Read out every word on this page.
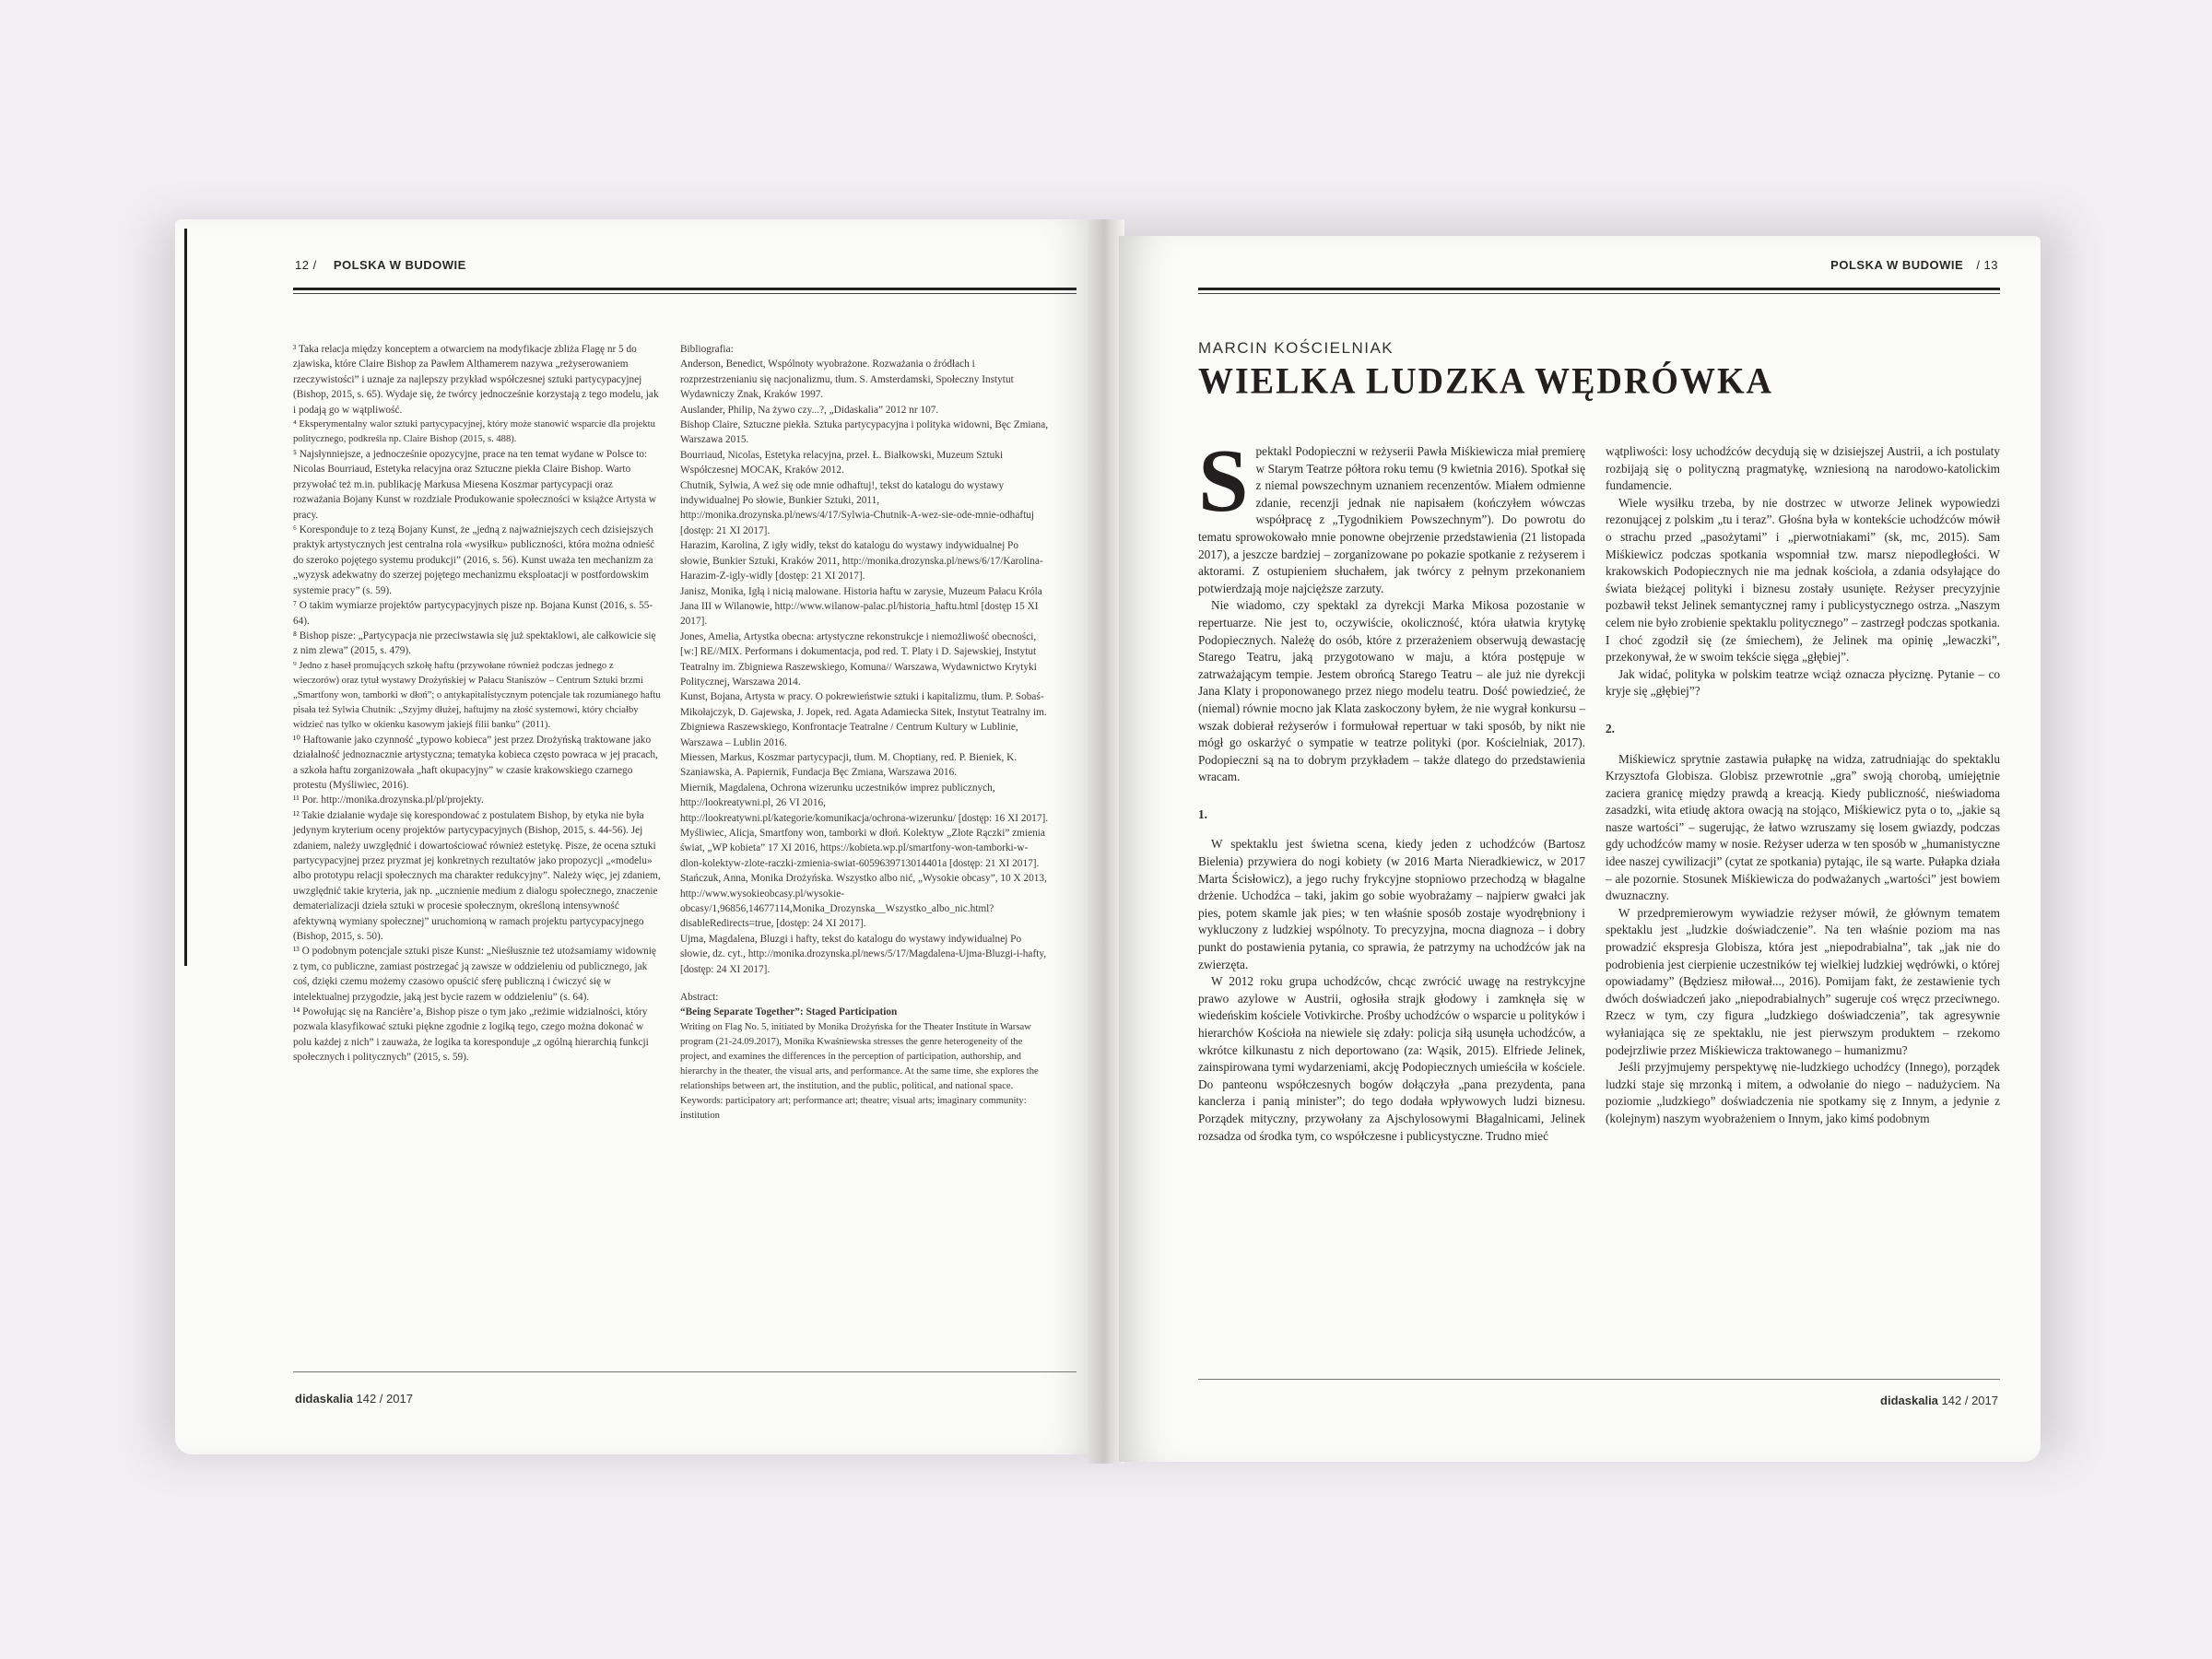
12 / POLSKA W BUDOWIE

³ Taka relacja między konceptem a otwarciem na modyfikacje zbliża Flagę nr 5 do zjawiska, które Claire Bishop za Pawłem Althamerem nazywa „reżyserowaniem rzeczywistości” i uznaje za najlepszy przykład współczesnej sztuki partycypacyjnej (Bishop, 2015, s. 65). Wydaje się, że twórcy jednocześnie korzystają z tego modelu, jak i podają go w wątpliwość.

⁴ Eksperymentalny walor sztuki partycypacyjnej, który może stanowić wsparcie dla projektu politycznego, podkreśla np. Claire Bishop (2015, s. 488).

⁵ Najsłynniejsze, a jednocześnie opozycyjne, prace na ten temat wydane w Polsce to: Nicolas Bourriaud, Estetyka relacyjna oraz Sztuczne piekła Claire Bishop. Warto przywołać też m.in. publikację Markusa Miesena Koszmar partycypacji oraz rozważania Bojany Kunst w rozdziale Produkowanie społeczności w książce Artysta w pracy.

⁶ Koresponduje to z tezą Bojany Kunst, że „jedną z najważniejszych cech dzisiejszych praktyk artystycznych jest centralna rola «wysiłku» publiczności, która można odnieść do szeroko pojętego systemu produkcji” (2016, s. 56). Kunst uważa ten mechanizm za „wyzysk adekwatny do szerzej pojętego mechanizmu eksploatacji w postfordowskim systemie pracy” (s. 59).

⁷ O takim wymiarze projektów partycypacyjnych pisze np. Bojana Kunst (2016, s. 55-64).

⁸ Bishop pisze: „Partycypacja nie przeciwstawia się już spektaklowi, ale całkowicie się z nim zlewa” (2015, s. 479).

⁹ Jedno z haseł promujących szkołę haftu (przywołane również podczas jednego z wieczorów) oraz tytuł wystawy Drożyńskiej w Pałacu Staniszów – Centrum Sztuki brzmi „Smartfony won, tamborki w dłoń”; o antykapitalistycznym potencjale tak rozumianego haftu pisała też Sylwia Chutnik: „Szyjmy dłużej, haftujmy na złość systemowi, który chciałby widzieć nas tylko w okienku kasowym jakiejś filii banku” (2011).

¹⁰ Haftowanie jako czynność „typowo kobieca” jest przez Drożyńską traktowane jako działalność jednoznacznie artystyczna; tematyka kobieca często powraca w jej pracach, a szkoła haftu zorganizowała „haft okupacyjny” w czasie krakowskiego czarnego protestu (Myśliwiec, 2016).

¹¹ Por. http://monika.drozynska.pl/pl/projekty.

¹² Takie działanie wydaje się korespondować z postulatem Bishop, by etyka nie była jedynym kryterium oceny projektów partycypacyjnych (Bishop, 2015, s. 44-56). Jej zdaniem, należy uwzględnić i dowartościować również estetykę. Pisze, że ocena sztuki partycypacyjnej przez pryzmat jej konkretnych rezultatów jako propozycji „«modelu» albo prototypu relacji społecznych ma charakter redukcyjny”. Należy więc, jej zdaniem, uwzględnić takie kryteria, jak np. „ucznienie medium z dialogu społecznego, znaczenie dematerializacji dzieła sztuki w procesie społecznym, określoną intensywność afektywną wymiany społecznej” uruchomioną w ramach projektu partycypacyjnego (Bishop, 2015, s. 50).

¹³ O podobnym potencjale sztuki pisze Kunst: „Nieśłusznie też utożsamiamy widownię z tym, co publiczne, zamiast postrzegać ją zawsze w oddzieleniu od publicznego, jak coś, dzięki czemu możemy czasowo opuścić sferę publiczną i ćwiczyć się w intelektualnej przygodzie, jaką jest bycie razem w oddzieleniu” (s. 64).

¹⁴ Powołując się na Rancière’a, Bishop pisze o tym jako „reżimie widzialności, który pozwala klasyfikować sztuki piękne zgodnie z logiką tego, czego można dokonać w polu każdej z nich” i zauważa, że logika ta koresponduje „z ogólną hierarchią funkcji społecznych i politycznych” (2015, s. 59).

Bibliografia:

Anderson, Benedict, Wspólnoty wyobrażone. Rozważania o źródłach i rozprzestrzenianiu się nacjonalizmu, tłum. S. Amsterdamski, Społeczny Instytut Wydawniczy Znak, Kraków 1997.

Auslander, Philip, Na żywo czy...?, „Didaskalia” 2012 nr 107.

Bishop Claire, Sztuczne piekła. Sztuka partycypacyjna i polityka widowni, Bęc Zmiana, Warszawa 2015.

Bourriaud, Nicolas, Estetyka relacyjna, przeł. Ł. Białkowski, Muzeum Sztuki Współczesnej MOCAK, Kraków 2012.

Chutnik, Sylwia, A weź się ode mnie odhaftuj!, tekst do katalogu do wystawy indywidualnej Po słowie, Bunkier Sztuki, 2011, http://monika.drozynska.pl/news/4/17/Sylwia-Chutnik-A-wez-sie-ode-mnie-odhaftuj [dostęp: 21 XI 2017].

Harazim, Karolina, Z igły widły, tekst do katalogu do wystawy indywidualnej Po słowie, Bunkier Sztuki, Kraków 2011, http://monika.drozynska.pl/news/6/17/Karolina-Harazim-Z-igly-widly [dostęp: 21 XI 2017].

Janisz, Monika, Igłą i nicią malowane. Historia haftu w zarysie, Muzeum Pałacu Króla Jana III w Wilanowie, http://www.wilanow-palac.pl/historia_haftu.html [dostęp 15 XI 2017].

Jones, Amelia, Artystka obecna: artystyczne rekonstrukcje i niemożliwość obecności, [w:] RE//MIX. Performans i dokumentacja, pod red. T. Platy i D. Sajewskiej, Instytut Teatralny im. Zbigniewa Raszewskiego, Komuna// Warszawa, Wydawnictwo Krytyki Politycznej, Warszawa 2014.

Kunst, Bojana, Artysta w pracy. O pokrewieństwie sztuki i kapitalizmu, tłum. P. Sobaś-Mikołajczyk, D. Gajewska, J. Jopek, red. Agata Adamiecka Sitek, Instytut Teatralny im. Zbigniewa Raszewskiego, Konfrontacje Teatralne / Centrum Kultury w Lublinie, Warszawa – Lublin 2016.

Miessen, Markus, Koszmar partycypacji, tłum. M. Choptiany, red. P. Bieniek, K. Szaniawska, A. Papiernik, Fundacja Bęc Zmiana, Warszawa 2016.

Miernik, Magdalena, Ochrona wizerunku uczestników imprez publicznych, http://lookreatywni.pl, 26 VI 2016, http://lookreatywni.pl/kategorie/komunikacja/ochrona-wizerunku/ [dostęp: 16 XI 2017].

Myśliwiec, Alicja, Smartfony won, tamborki w dłoń. Kolektyw „Złote Rączki” zmienia świat, „WP kobieta” 17 XI 2016, https://kobieta.wp.pl/smartfony-won-tamborki-w-dlon-kolektyw-zlote-raczki-zmienia-swiat-6059639713014401a [dostęp: 21 XI 2017].

Stańczuk, Anna, Monika Drożyńska. Wszystko albo nić, „Wysokie obcasy”, 10 X 2013, http://www.wysokieobcasy.pl/wysokie-obcasy/1,96856,14677114,Monika_Drozynska__Wszystko_albo_nic.html?disableRedirects=true, [dostęp: 24 XI 2017].

Ujma, Magdalena, Bluzgi i hafty, tekst do katalogu do wystawy indywidualnej Po słowie, dz. cyt., http://monika.drozynska.pl/news/5/17/Magdalena-Ujma-Bluzgi-i-hafty, [dostęp: 24 XI 2017].

Abstract:

“Being Separate Together”: Staged Participation

Writing on Flag No. 5, initiated by Monika Drożyńska for the Theater Institute in Warsaw program (21-24.09.2017), Monika Kwaśniewska stresses the genre heterogeneity of the project, and examines the differences in the perception of participation, authorship, and hierarchy in the theater, the visual arts, and performance. At the same time, she explores the relationships between art, the institution, and the public, political, and national space.

Keywords: participatory art; performance art; theatre; visual arts; imaginary community: institution

didaskalia 142 / 2017
POLSKA W BUDOWIE / 13
MARCIN KOŚCIELNIAK
WIELKA LUDZKA WĘDRÓWKA

Spektakl Podopieczni w reżyserii Pawła Miśkiewicza miał premierę w Starym Teatrze półtora roku temu (9 kwietnia 2016). Spotkał się z niemal powszechnym uznaniem recenzentów. Miałem odmienne zdanie, recenzji jednak nie napisałem (kończyłem wówczas współpracę z „Tygodnikiem Powszechnym”). Do powrotu do tematu sprowokowało mnie ponowne obejrzenie przedstawienia (21 listopada 2017), a jeszcze bardziej – zorganizowane po pokazie spotkanie z reżyserem i aktorami. Z ostupieniem słuchałem, jak twórcy z pełnym przekonaniem potwierdzają moje najcięższe zarzuty.

Nie wiadomo, czy spektakl za dyrekcji Marka Mikosa pozostanie w repertuarze. Nie jest to, oczywiście, okoliczność, która ułatwia krytykę Podopiecznych. Należę do osób, które z przerażeniem obserwują dewastację Starego Teatru, jaką przygotowano w maju, a która postępuje w zatrważającym tempie. Jestem obrońcą Starego Teatru – ale już nie dyrekcji Jana Klaty i proponowanego przez niego modelu teatru. Dość powiedzieć, że (niemal) równie mocno jak Klata zaskoczony byłem, że nie wygrał konkursu – wszak dobierał reżyserów i formułował repertuar w taki sposób, by nikt nie mógł go oskarżyć o sympatie w teatrze polityki (por. Kościelniak, 2017). Podopieczni są na to dobrym przykładem – także dlatego do przedstawienia wracam.

1.

W spektaklu jest świetna scena, kiedy jeden z uchodźców (Bartosz Bielenia) przywiera do nogi kobiety (w 2016 Marta Nieradkiewicz, w 2017 Marta Ścisłowicz), a jego ruchy frykcyjne stopniowo przechodzą w błagalne drżenie. Uchodźca – taki, jakim go sobie wyobrażamy – najpierw gwałci jak pies, potem skamle jak pies; w ten właśnie sposób zostaje wyodrębniony i wykluczony z ludzkiej wspólnoty. To precyzyjna, mocna diagnoza – i dobry punkt do postawienia pytania, co sprawia, że patrzymy na uchodźców jak na zwierzęta.

W 2012 roku grupa uchodźców, chcąc zwrócić uwagę na restrykcyjne prawo azylowe w Austrii, ogłosiła strajk głodowy i zamknęła się w wiedeńskim kościele Votivkirche. Prośby uchodźców o wsparcie u polityków i hierarchów Kościoła na niewiele się zdały: policja siłą usunęła uchodźców, a wkrótce kilkunastu z nich deportowano (za: Wąsik, 2015). Elfriede Jelinek, zainspirowana tymi wydarzeniami, akcję Podopiecznych umieściła w kościele. Do panteonu współczesnych bogów dołączyła „pana prezydenta, pana kanclerza i panią minister”; do tego dodała wpływowych ludzi biznesu. Porządek mityczny, przywołany za Ajschylosowymi Błagalnicami, Jelinek rozsadza od środka tym, co współczesne i publicystyczne. Trudno mieć

wątpliwości: losy uchodźców decydują się w dzisiejszej Austrii, a ich postulaty rozbijają się o polityczną pragmatykę, wzniesioną na narodowo-katolickim fundamencie.

Wiele wysiłku trzeba, by nie dostrzec w utworze Jelinek wypowiedzi rezonującej z polskim „tu i teraz”. Głośna była w kontekście uchodźców mówił o strachu przed „pasożytami” i „pierwotniakami” (sk, mc, 2015). Sam Miśkiewicz podczas spotkania wspomniał tzw. marsz niepodległości. W krakowskich Podopiecznych nie ma jednak kościoła, a zdania odsyłające do świata bieżącej polityki i biznesu zostały usunięte. Reżyser precyzyjnie pozbawił tekst Jelinek semantycznej ramy i publicystycznego ostrza. „Naszym celem nie było zrobienie spektaklu politycznego” – zastrzegł podczas spotkania. I choć zgodził się (ze śmiechem), że Jelinek ma opinię „lewaczki”, przekonywał, że w swoim tekście sięga „głębiej”.

Jak widać, polityka w polskim teatrze wciąż oznacza płyciznę. Pytanie – co kryje się „głębiej”?

2.

Miśkiewicz sprytnie zastawia pułapkę na widza, zatrudniając do spektaklu Krzysztofa Globisza. Globisz przewrotnie „gra” swoją chorobą, umiejętnie zaciera granicę między prawdą a kreacją. Kiedy publiczność, nieświadoma zasadzki, wita etiudę aktora owacją na stojąco, Miśkiewicz pyta o to, „jakie są nasze wartości” – sugerując, że łatwo wzruszamy się losem gwiazdy, podczas gdy uchodźców mamy w nosie. Reżyser uderza w ten sposób w „humanistyczne idee naszej cywilizacji” (cytat ze spotkania) pytając, ile są warte. Pułapka działa – ale pozornie. Stosunek Miśkiewicza do podważanych „wartości” jest bowiem dwuznaczny.

W przedpremierowym wywiadzie reżyser mówił, że głównym tematem spektaklu jest „ludzkie doświadczenie”. Na ten właśnie poziom ma nas prowadzić ekspresja Globisza, która jest „niepodrabialna”, tak „jak nie do podrobienia jest cierpienie uczestników tej wielkiej ludzkiej wędrówki, o której opowiadamy” (Będziesz miłował..., 2016). Pomijam fakt, że zestawienie tych dwóch doświadczeń jako „niepodrabialnych” sugeruje coś wręcz przeciwnego. Rzecz w tym, czy figura „ludzkiego doświadczenia”, tak agresywnie wyłaniająca się ze spektaklu, nie jest pierwszym produktem – rzekomo podejrzliwie przez Miśkiewicza traktowanego – humanizmu?

Jeśli przyjmujemy perspektywę nie-ludzkiego uchodźcy (Innego), porządek ludzki staje się mrzonką i mitem, a odwołanie do niego – nadużyciem. Na poziomie „ludzkiego” doświadczenia nie spotkamy się z Innym, a jedynie z (kolejnym) naszym wyobrażeniem o Innym, jako kimś podobnym

didaskalia 142 / 2017
